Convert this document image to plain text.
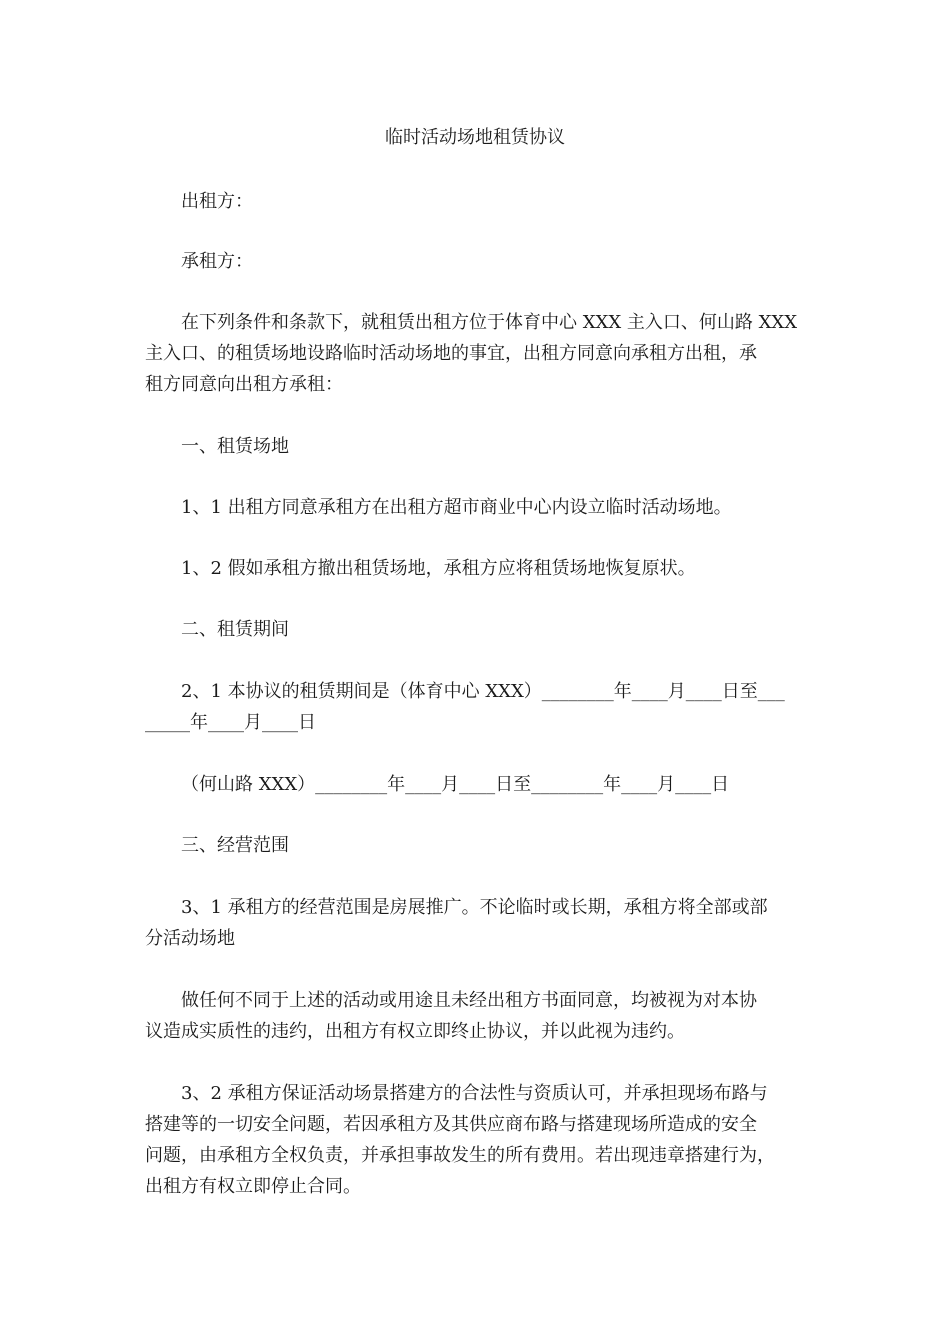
临时活动场地租赁协议

出租方：

承租方：

在下列条件和条款下，就租赁出租方位于体育中心 XXX 主入口、何山路 XXX
主入口、的租赁场地设路临时活动场地的事宜，出租方同意向承租方出租，承
租方同意向出租方承租：

一、租赁场地

1、1 出租方同意承租方在出租方超市商业中心内设立临时活动场地。

1、2 假如承租方撤出租赁场地，承租方应将租赁场地恢复原状。

二、租赁期间

2、1 本协议的租赁期间是（体育中心 XXX）________年____月____日至___
_____年____月____日

（何山路 XXX）________年____月____日至________年____月____日

三、经营范围

3、1 承租方的经营范围是房展推广。不论临时或长期，承租方将全部或部
分活动场地

做任何不同于上述的活动或用途且未经出租方书面同意，均被视为对本协
议造成实质性的违约，出租方有权立即终止协议，并以此视为违约。

3、2 承租方保证活动场景搭建方的合法性与资质认可，并承担现场布路与
搭建等的一切安全问题，若因承租方及其供应商布路与搭建现场所造成的安全
问题，由承租方全权负责，并承担事故发生的所有费用。若出现违章搭建行为，
出租方有权立即停止合同。
